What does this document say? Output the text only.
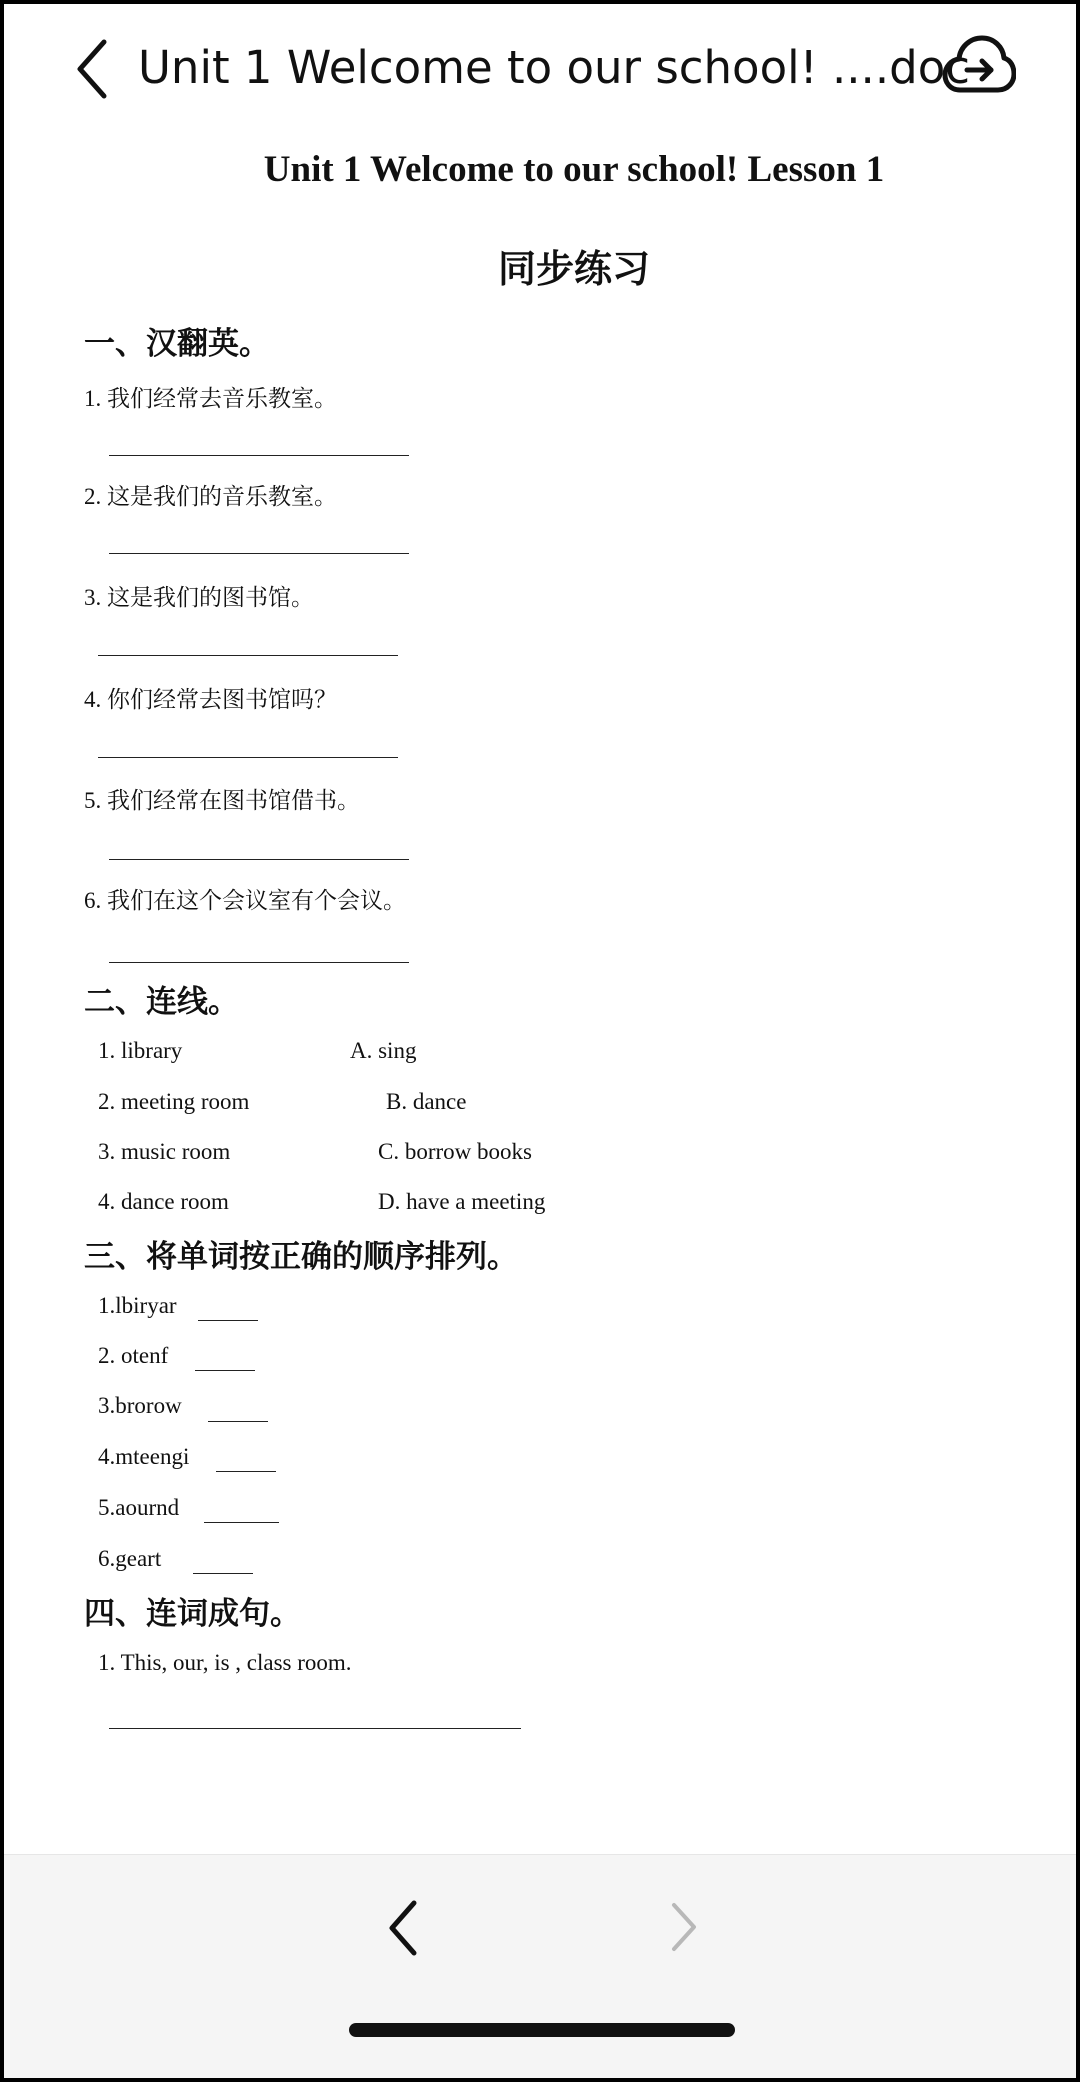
Unit 1 Welcome to our school! ....doc
Unit 1 Welcome to our school! Lesson 1
同步练习
一、汉翻英。
1. 我们经常去音乐教室。
2. 这是我们的音乐教室。
3. 这是我们的图书馆。
4. 你们经常去图书馆吗？
5. 我们经常在图书馆借书。
6. 我们在这个会议室有个会议。
二、连线。
1. library	A. sing
2. meeting room	B. dance
3. music room	C. borrow books
4. dance room	D. have a meeting
三、将单词按正确的顺序排列。
1.lbiryar
2. otenf
3.brorow
4.mteengi
5.aournd
6.geart
四、连词成句。
1. This, our, is , class room.
